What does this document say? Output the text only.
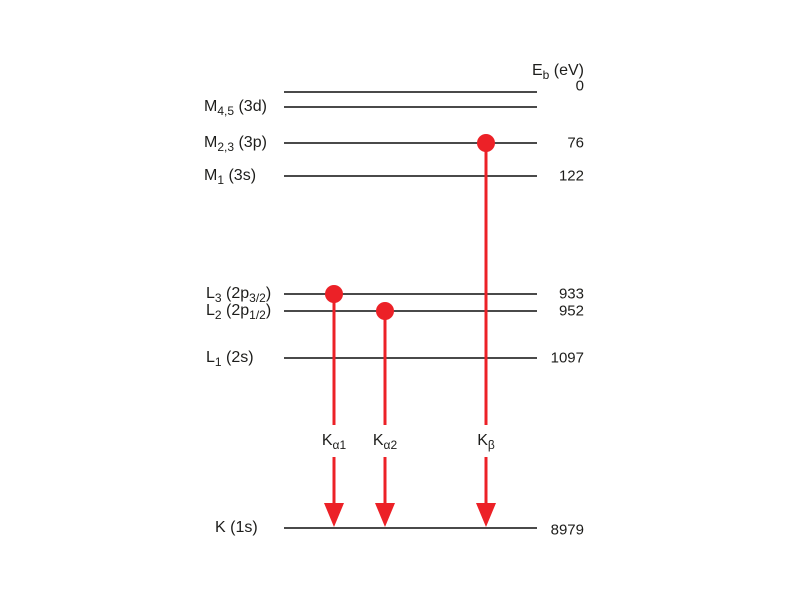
$E_b$ (eV)
0
$M_{4,5}$ (3d)
$M_{2,3}$ (3p)	76
$M_1$ (3s)	122
$L_3$ $(2p_{3/2})$	933
$L_2$ $(2p_{1/2})$	952
$L_1$ (2s)	1097
K (1s)	8979
$K_{\alpha 1}$ $K_{\alpha 2}$	$K_\beta$
